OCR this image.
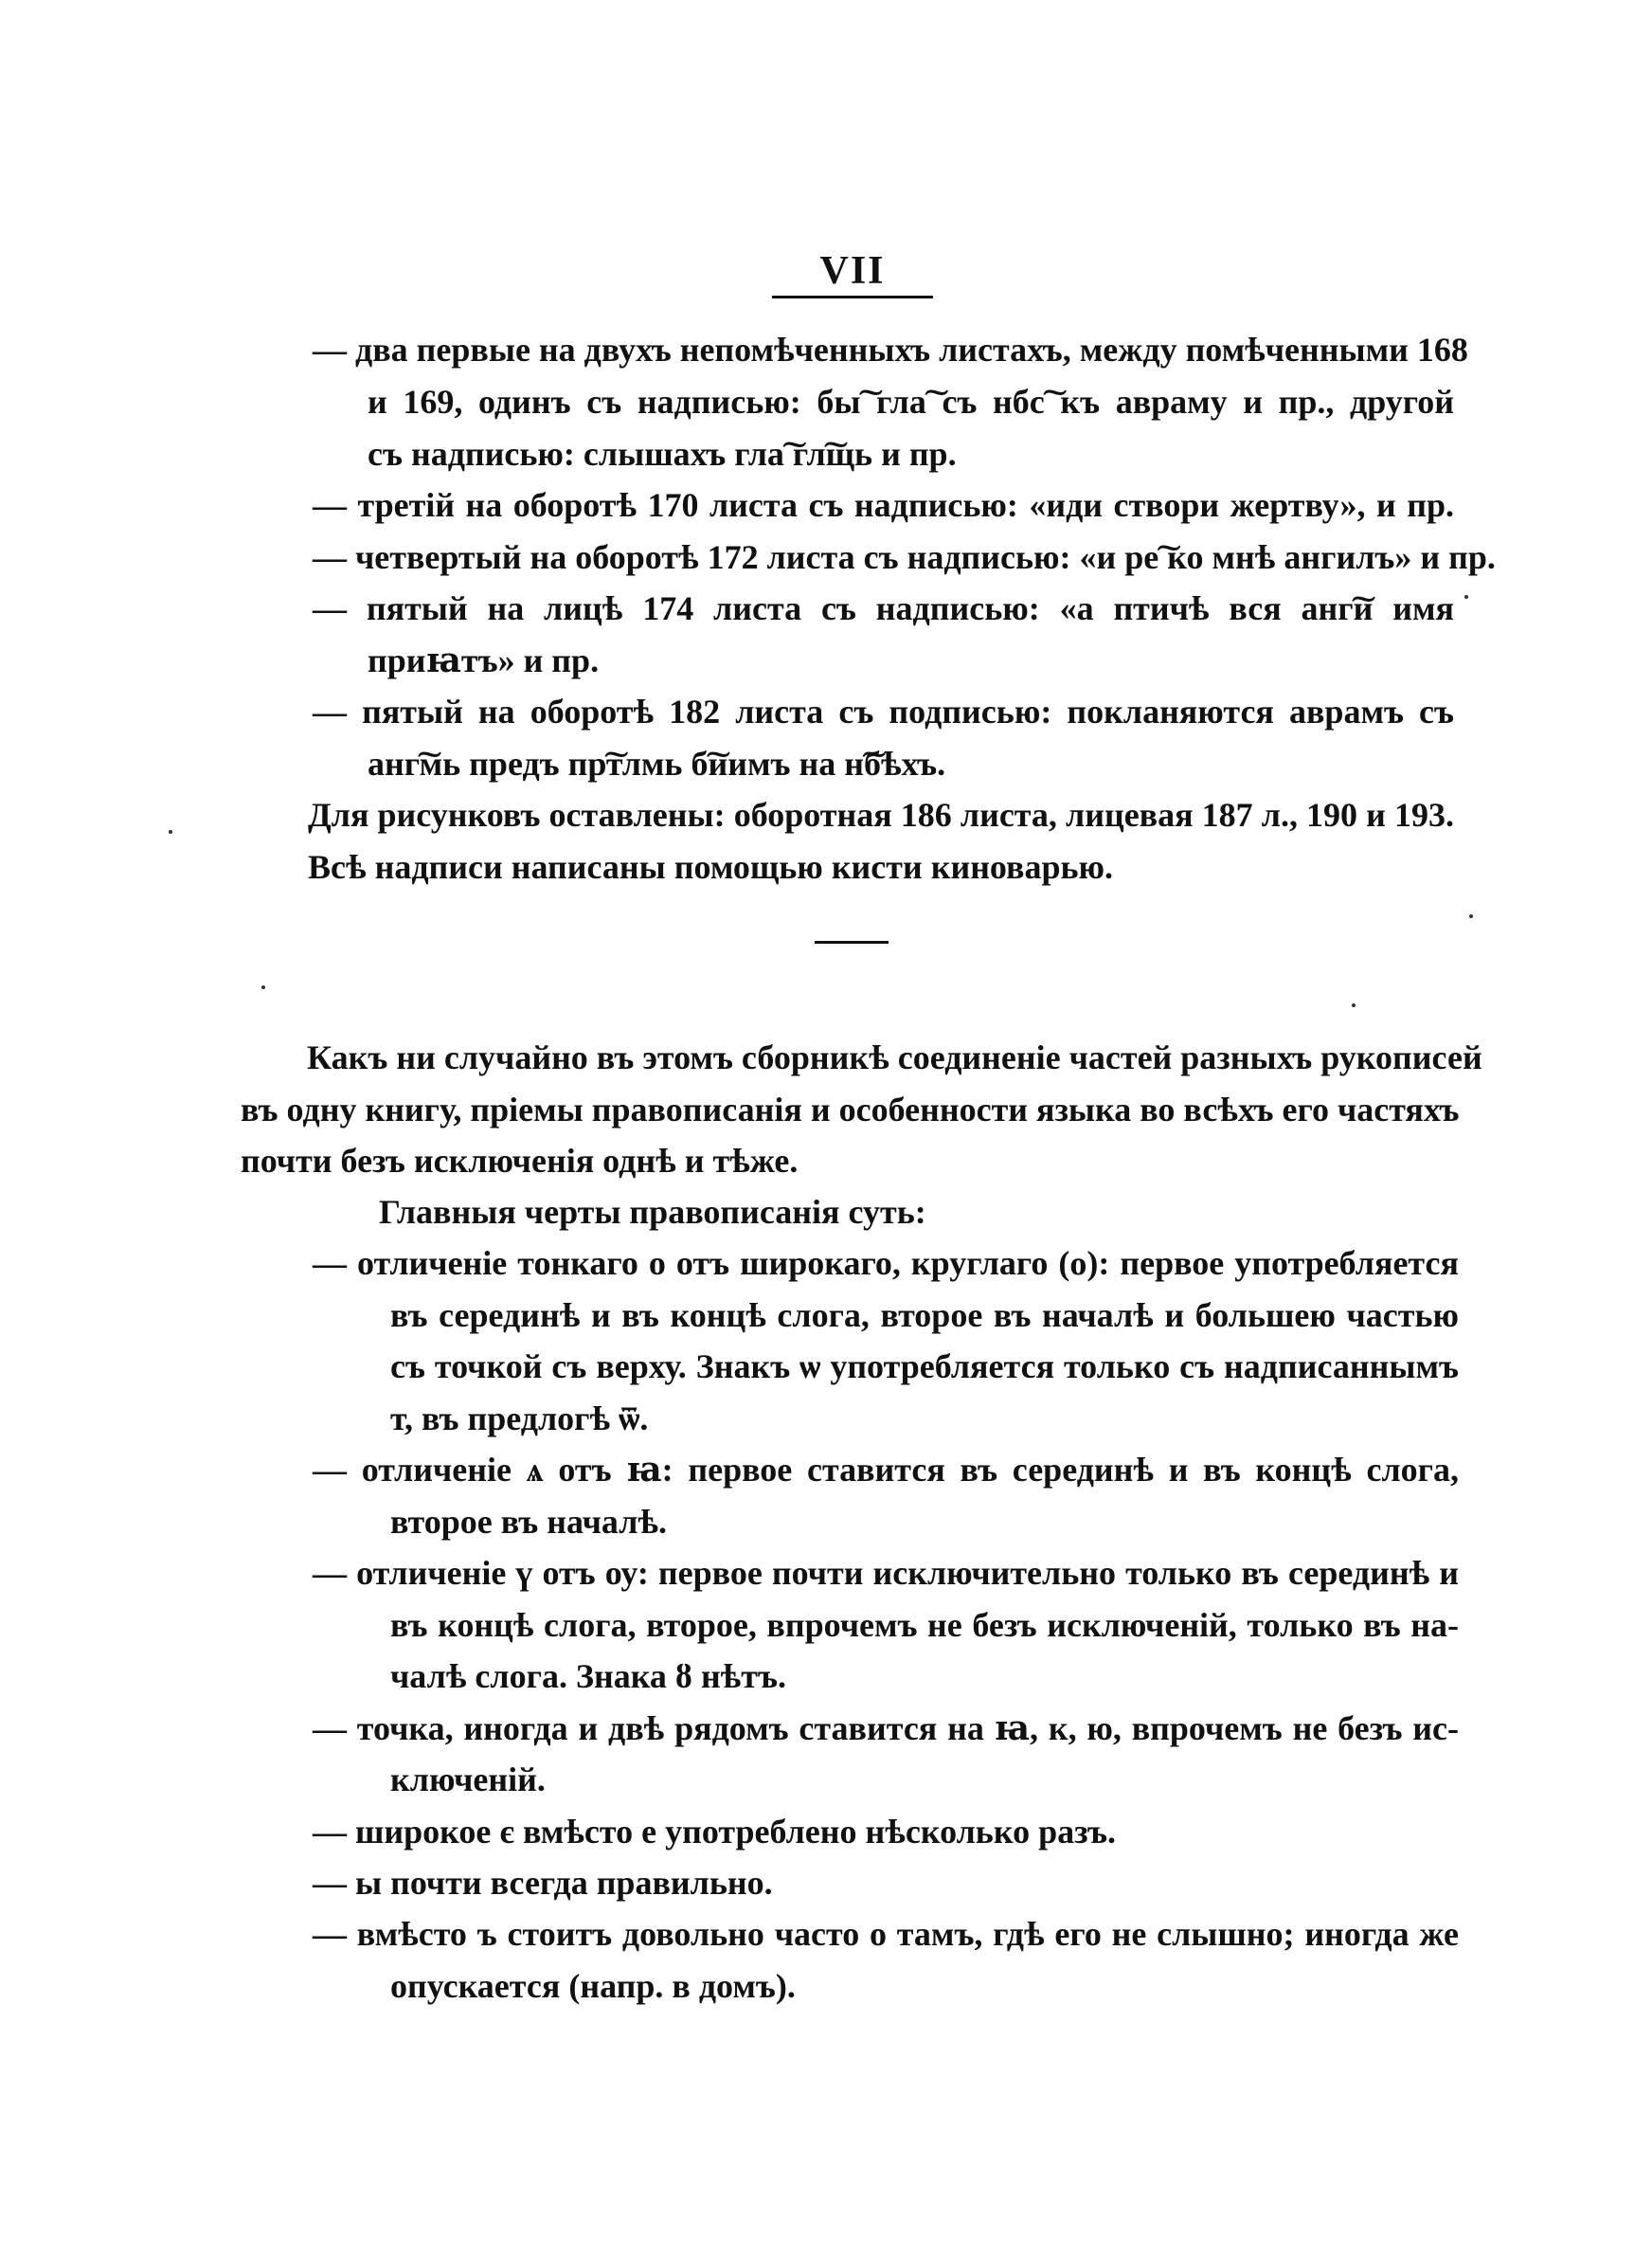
VII
— два первые на двухъ непомѣченныхъ листахъ, между помѣченными 168
и 169, одинъ съ надписью: бы͠ гла͠ съ нбс͠ къ авраму и пр., другой
съ надписью: слышахъ гла͠ гл͠щь и пр.
— третій на оборотѣ 170 листа съ надписью: «иди створи жертву», и пр.
— четвертый на оборотѣ 172 листа съ надписью: «и ре͠ ко мнѣ ангилъ» и пр.
— пятый на лицѣ 174 листа съ надписью: «а птичѣ вся анг͠и имя
приꙗтъ» и пр.
— пятый на оборотѣ 182 листа съ подписью: покланяются аврамъ съ
анг͠мь предъ пр͠тлмь б͠иимъ на н͠бѣхъ.
Для рисунковъ оставлены: оборотная 186 листа, лицевая 187 л., 190 и 193.
Всѣ надписи написаны помощью кисти киноварью.
Какъ ни случайно въ этомъ сборникѣ соединеніе частей разныхъ рукописей
въ одну книгу, пріемы правописанія и особенности языка во всѣхъ его частяхъ
почти безъ исключенія однѣ и тѣже.
Главныя черты правописанія суть:
— отличеніе тонкаго о отъ широкаго, круглаго (ο): первое употребляется
въ серединѣ и въ концѣ слога, второе въ началѣ и большею частью
съ точкой съ верху. Знакъ ѡ употребляется только съ надписаннымъ
т, въ предлогѣ ѿ.
— отличеніе ѧ отъ ꙗ: первое ставится въ серединѣ и въ концѣ слога,
второе въ началѣ.
— отличеніе ү отъ оу: первое почти исключительно только въ серединѣ и
въ концѣ слога, второе, впрочемъ не безъ исключеній, только въ на-
чалѣ слога. Знака ȣ нѣтъ.
— точка, иногда и двѣ рядомъ ставится на ꙗ, к, ю, впрочемъ не безъ ис-
ключеній.
— широкое є вмѣсто е употреблено нѣсколько разъ.
— ы почти всегда правильно.
— вмѣсто ъ стоитъ довольно часто о тамъ, гдѣ его не слышно; иногда же
опускается (напр. в домъ).
